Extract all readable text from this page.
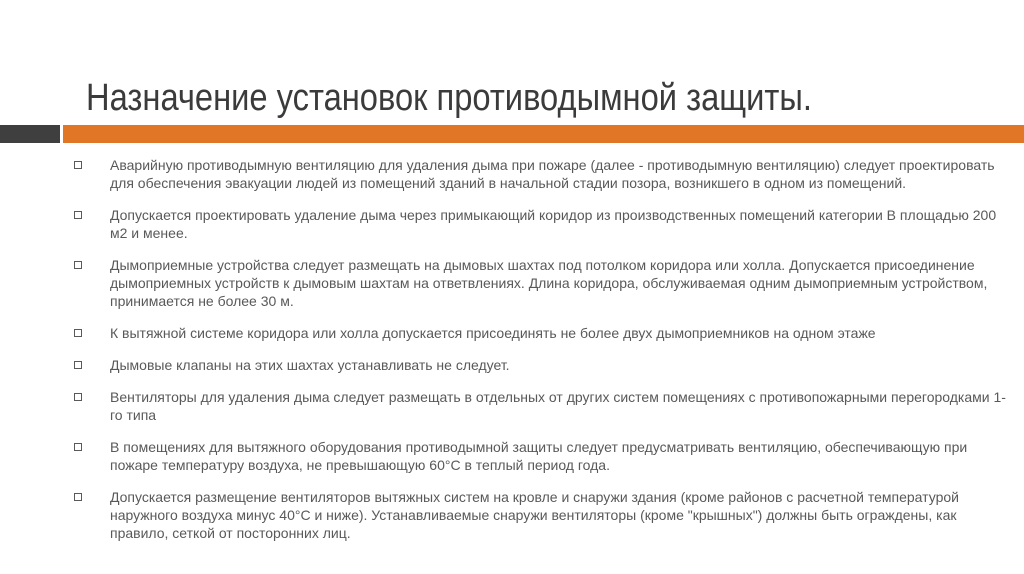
Назначение установок противодымной защиты.
Аварийную противодымную вентиляцию для удаления дыма при пожаре (далее - противодымную вентиляцию) следует проектировать для обеспечения эвакуации людей из помещений зданий в начальной стадии позора, возникшего в одном из помещений.
Допускается проектировать удаление дыма через примыкающий коридор из производственных помещений категории В площадью 200 м2 и менее.
Дымоприемные устройства следует размещать на дымовых шахтах под потолком коридора или холла. Допускается присоединение дымоприемных устройств к дымовым шахтам на ответвлениях. Длина коридора, обслуживаемая одним дымоприемным устройством, принимается не более 30 м.
К вытяжной системе коридора или холла допускается присоединять не более двух дымоприемников на одном этаже
Дымовые клапаны на этих шахтах устанавливать не следует.
Вентиляторы для удаления дыма следует размещать в отдельных от других систем помещениях с противопожарными перегородками 1-го типа
В помещениях для вытяжного оборудования противодымной защиты следует предусматривать вентиляцию, обеспечивающую при пожаре температуру воздуха, не превышающую 60°С в теплый период года.
Допускается размещение вентиляторов вытяжных систем на кровле и снаружи здания (кроме районов с расчетной температурой наружного воздуха минус 40°С и ниже). Устанавливаемые снаружи вентиляторы (кроме "крышных") должны быть ограждены, как правило, сеткой от посторонних лиц.
